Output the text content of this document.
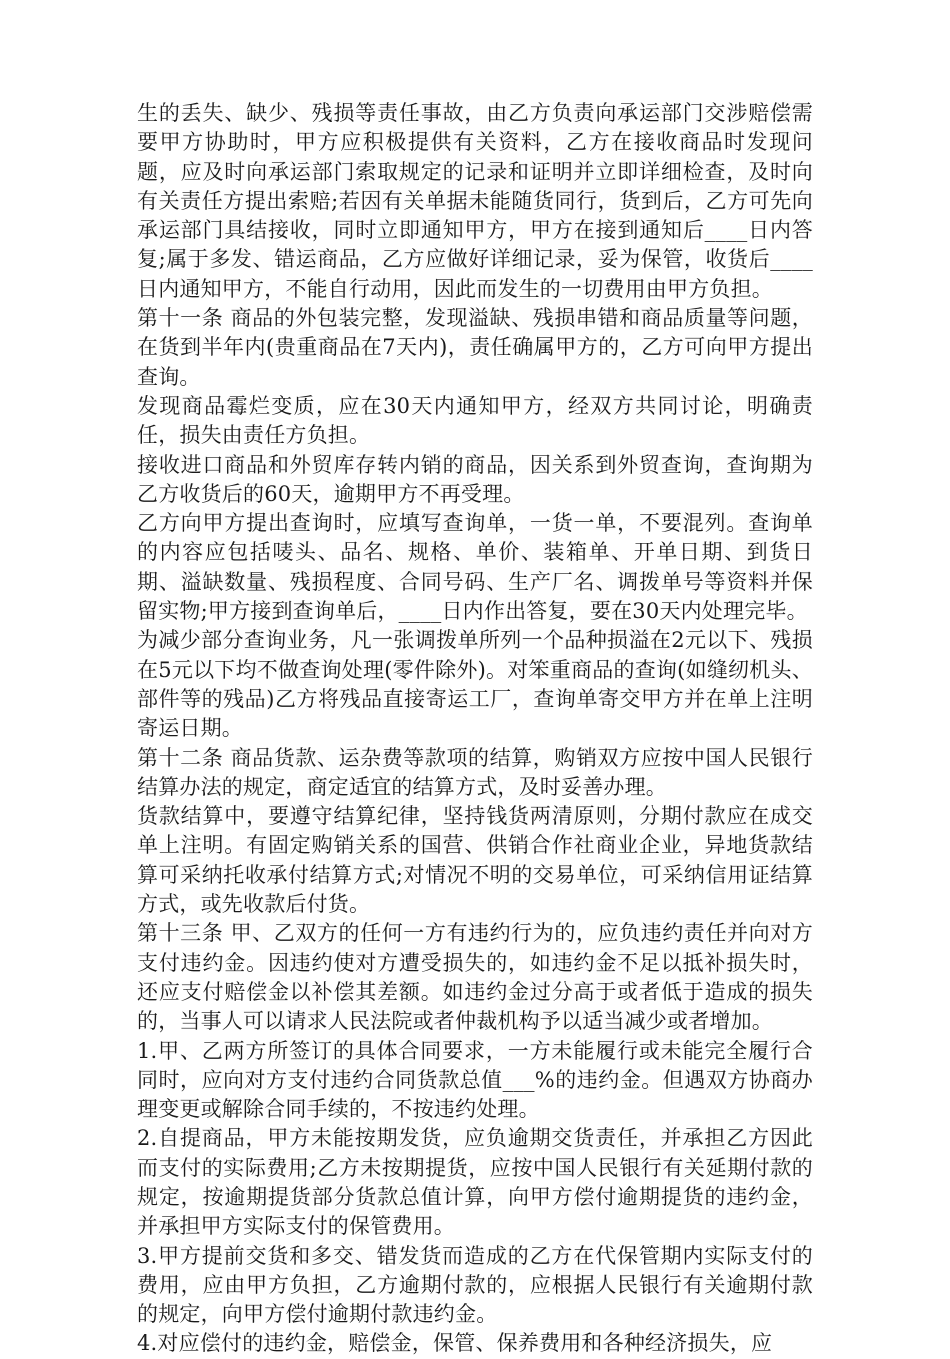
生的丢失、缺少、残损等责任事故，由乙方负责向承运部门交涉赔偿需要甲方协助时，甲方应积极提供有关资料，乙方在接收商品时发现问题，应及时向承运部门索取规定的记录和证明并立即详细检查，及时向有关责任方提出索赔;若因有关单据未能随货同行，货到后，乙方可先向承运部门具结接收，同时立即通知甲方，甲方在接到通知后____日内答复;属于多发、错运商品，乙方应做好详细记录，妥为保管，收货后____日内通知甲方，不能自行动用，因此而发生的一切费用由甲方负担。

第十一条 商品的外包装完整，发现溢缺、残损串错和商品质量等问题，在货到半年内(贵重商品在7天内)，责任确属甲方的，乙方可向甲方提出查询。

发现商品霉烂变质，应在30天内通知甲方，经双方共同讨论，明确责任，损失由责任方负担。

接收进口商品和外贸库存转内销的商品，因关系到外贸查询，查询期为乙方收货后的60天，逾期甲方不再受理。

乙方向甲方提出查询时，应填写查询单，一货一单，不要混列。查询单的内容应包括唛头、品名、规格、单价、装箱单、开单日期、到货日期、溢缺数量、残损程度、合同号码、生产厂名、调拨单号等资料并保留实物;甲方接到查询单后，____日内作出答复，要在30天内处理完毕。

为减少部分查询业务，凡一张调拨单所列一个品种损溢在2元以下、残损在5元以下均不做查询处理(零件除外)。对笨重商品的查询(如缝纫机头、部件等的残品)乙方将残品直接寄运工厂，查询单寄交甲方并在单上注明寄运日期。

第十二条 商品货款、运杂费等款项的结算，购销双方应按中国人民银行结算办法的规定，商定适宜的结算方式，及时妥善办理。

货款结算中，要遵守结算纪律，坚持钱货两清原则，分期付款应在成交单上注明。有固定购销关系的国营、供销合作社商业企业，异地货款结算可采纳托收承付结算方式;对情况不明的交易单位，可采纳信用证结算方式，或先收款后付货。

第十三条 甲、乙双方的任何一方有违约行为的，应负违约责任并向对方支付违约金。因违约使对方遭受损失的，如违约金不足以抵补损失时，还应支付赔偿金以补偿其差额。如违约金过分高于或者低于造成的损失的，当事人可以请求人民法院或者仲裁机构予以适当减少或者增加。

1.甲、乙两方所签订的具体合同要求，一方未能履行或未能完全履行合同时，应向对方支付违约合同货款总值___%的违约金。但遇双方协商办理变更或解除合同手续的，不按违约处理。

2.自提商品，甲方未能按期发货，应负逾期交货责任，并承担乙方因此而支付的实际费用;乙方未按期提货，应按中国人民银行有关延期付款的规定，按逾期提货部分货款总值计算，向甲方偿付逾期提货的违约金，并承担甲方实际支付的保管费用。

3.甲方提前交货和多交、错发货而造成的乙方在代保管期内实际支付的费用，应由甲方负担，乙方逾期付款的，应根据人民银行有关逾期付款的规定，向甲方偿付逾期付款违约金。

4.对应偿付的违约金，赔偿金，保管、保养费用和各种经济损失，应
